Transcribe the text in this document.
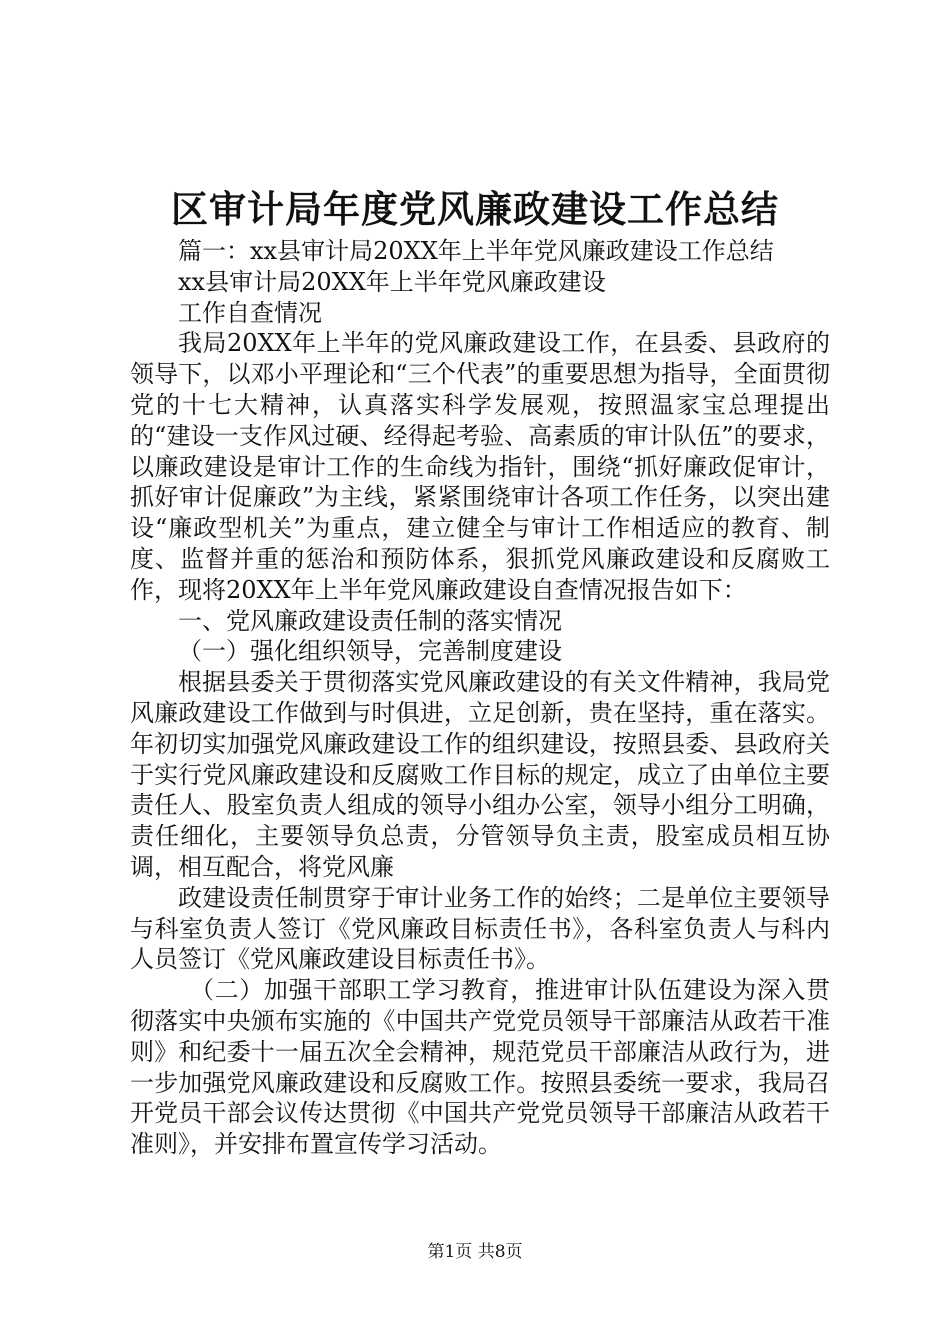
区审计局年度党风廉政建设工作总结

篇一：xx县审计局20XX年上半年党风廉政建设工作总结

xx县审计局20XX年上半年党风廉政建设

工作自查情况

我局20XX年上半年的党风廉政建设工作，在县委、县政府的领导下，以邓小平理论和“三个代表”的重要思想为指导，全面贯彻党的十七大精神，认真落实科学发展观，按照温家宝总理提出的“建设一支作风过硬、经得起考验、高素质的审计队伍”的要求，以廉政建设是审计工作的生命线为指针，围绕“抓好廉政促审计，抓好审计促廉政”为主线，紧紧围绕审计各项工作任务，以突出建设“廉政型机关”为重点，建立健全与审计工作相适应的教育、制度、监督并重的惩治和预防体系，狠抓党风廉政建设和反腐败工作，现将20XX年上半年党风廉政建设自查情况报告如下：

一、党风廉政建设责任制的落实情况

（一）强化组织领导，完善制度建设

根据县委关于贯彻落实党风廉政建设的有关文件精神，我局党风廉政建设工作做到与时俱进，立足创新，贵在坚持，重在落实。年初切实加强党风廉政建设工作的组织建设，按照县委、县政府关于实行党风廉政建设和反腐败工作目标的规定，成立了由单位主要责任人、股室负责人组成的领导小组办公室，领导小组分工明确，责任细化，主要领导负总责，分管领导负主责，股室成员相互协调，相互配合，将党风廉

政建设责任制贯穿于审计业务工作的始终；二是单位主要领导与科室负责人签订《党风廉政目标责任书》，各科室负责人与科内人员签订《党风廉政建设目标责任书》。

（二）加强干部职工学习教育，推进审计队伍建设为深入贯彻落实中央颁布实施的《中国共产党党员领导干部廉洁从政若干准则》和纪委十一届五次全会精神，规范党员干部廉洁从政行为，进一步加强党风廉政建设和反腐败工作。按照县委统一要求，我局召开党员干部会议传达贯彻《中国共产党党员领导干部廉洁从政若干准则》，并安排布置宣传学习活动。

第1页 共8页
